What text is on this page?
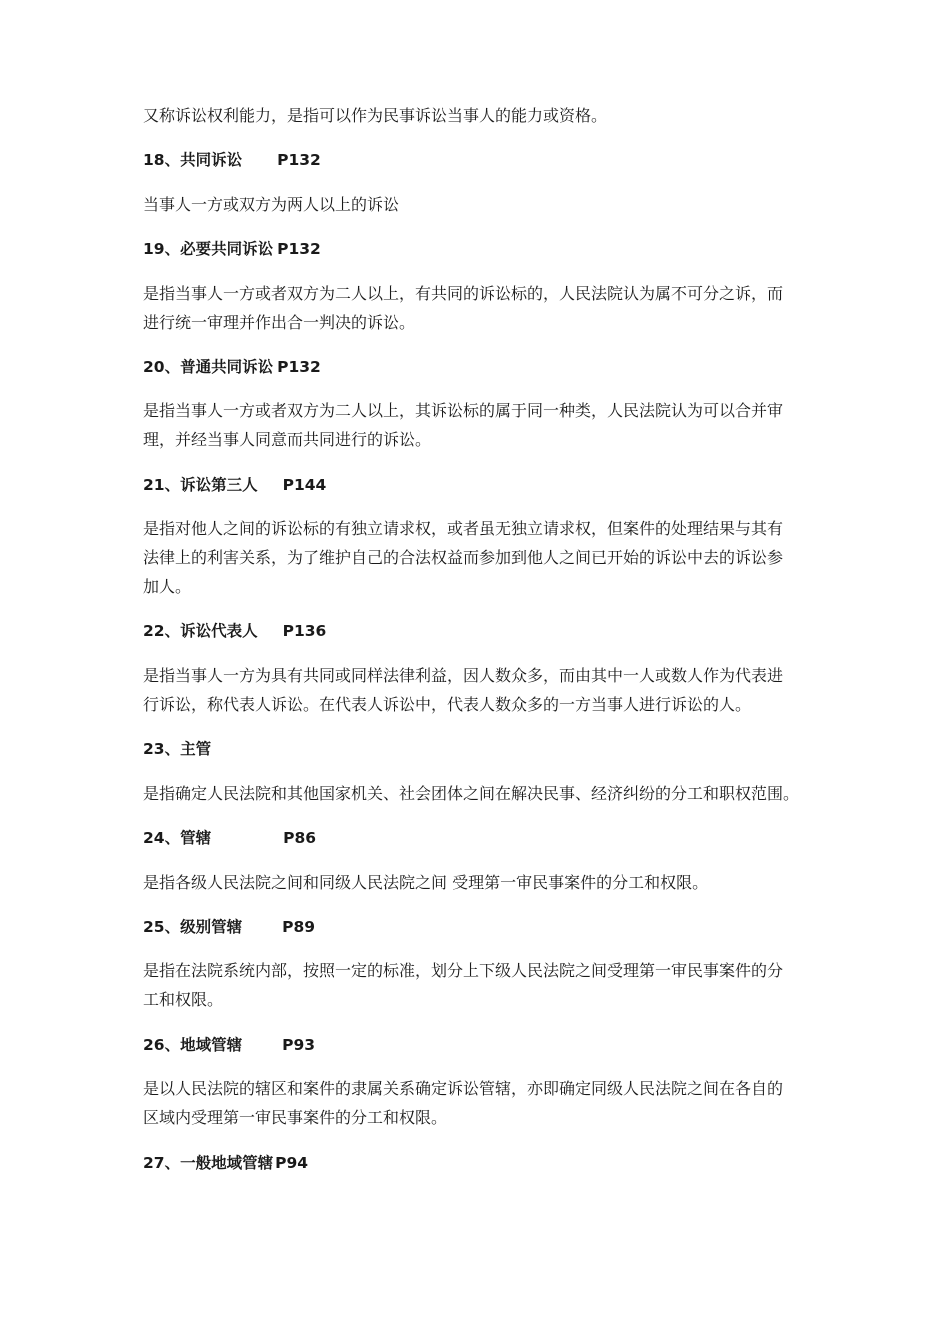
又称诉讼权利能力，是指可以作为民事诉讼当事人的能力或资格。
18、共同诉讼 P132
当事人一方或双方为两人以上的诉讼
19、必要共同诉讼 P132
是指当事人一方或者双方为二人以上，有共同的诉讼标的，人民法院认为属不可分之诉，而
进行统一审理并作出合一判决的诉讼。
20、普通共同诉讼 P132
是指当事人一方或者双方为二人以上，其诉讼标的属于同一种类，人民法院认为可以合并审
理，并经当事人同意而共同进行的诉讼。
21、诉讼第三人 P144
是指对他人之间的诉讼标的有独立请求权，或者虽无独立请求权，但案件的处理结果与其有
法律上的利害关系，为了维护自己的合法权益而参加到他人之间已开始的诉讼中去的诉讼参
加人。
22、诉讼代表人 P136
是指当事人一方为具有共同或同样法律利益，因人数众多，而由其中一人或数人作为代表进
行诉讼，称代表人诉讼。在代表人诉讼中，代表人数众多的一方当事人进行诉讼的人。
23、主管
是指确定人民法院和其他国家机关、社会团体之间在解决民事、经济纠纷的分工和职权范围。
24、管辖	P86
是指各级人民法院之间和同级人民法院之间 受理第一审民事案件的分工和权限。
25、级别管辖	P89
是指在法院系统内部，按照一定的标准，划分上下级人民法院之间受理第一审民事案件的分
工和权限。
26、地域管辖	P93
是以人民法院的辖区和案件的隶属关系确定诉讼管辖，亦即确定同级人民法院之间在各自的
区域内受理第一审民事案件的分工和权限。
27、一般地域管辖 P94
